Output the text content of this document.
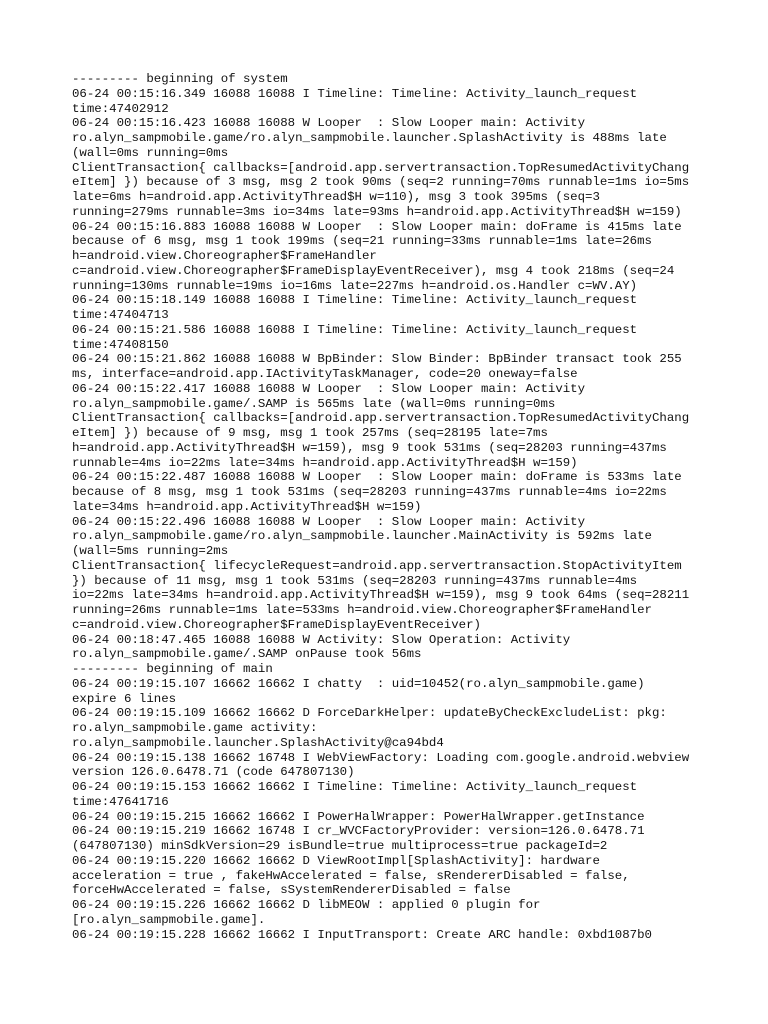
--------- beginning of system
06-24 00:15:16.349 16088 16088 I Timeline: Timeline: Activity_launch_request
time:47402912
06-24 00:15:16.423 16088 16088 W Looper  : Slow Looper main: Activity
ro.alyn_sampmobile.game/ro.alyn_sampmobile.launcher.SplashActivity is 488ms late
(wall=0ms running=0ms
ClientTransaction{ callbacks=[android.app.servertransaction.TopResumedActivityChang
eItem] }) because of 3 msg, msg 2 took 90ms (seq=2 running=70ms runnable=1ms io=5ms
late=6ms h=android.app.ActivityThread$H w=110), msg 3 took 395ms (seq=3
running=279ms runnable=3ms io=34ms late=93ms h=android.app.ActivityThread$H w=159)
06-24 00:15:16.883 16088 16088 W Looper  : Slow Looper main: doFrame is 415ms late
because of 6 msg, msg 1 took 199ms (seq=21 running=33ms runnable=1ms late=26ms
h=android.view.Choreographer$FrameHandler
c=android.view.Choreographer$FrameDisplayEventReceiver), msg 4 took 218ms (seq=24
running=130ms runnable=19ms io=16ms late=227ms h=android.os.Handler c=WV.AY)
06-24 00:15:18.149 16088 16088 I Timeline: Timeline: Activity_launch_request
time:47404713
06-24 00:15:21.586 16088 16088 I Timeline: Timeline: Activity_launch_request
time:47408150
06-24 00:15:21.862 16088 16088 W BpBinder: Slow Binder: BpBinder transact took 255
ms, interface=android.app.IActivityTaskManager, code=20 oneway=false
06-24 00:15:22.417 16088 16088 W Looper  : Slow Looper main: Activity
ro.alyn_sampmobile.game/.SAMP is 565ms late (wall=0ms running=0ms
ClientTransaction{ callbacks=[android.app.servertransaction.TopResumedActivityChang
eItem] }) because of 9 msg, msg 1 took 257ms (seq=28195 late=7ms
h=android.app.ActivityThread$H w=159), msg 9 took 531ms (seq=28203 running=437ms
runnable=4ms io=22ms late=34ms h=android.app.ActivityThread$H w=159)
06-24 00:15:22.487 16088 16088 W Looper  : Slow Looper main: doFrame is 533ms late
because of 8 msg, msg 1 took 531ms (seq=28203 running=437ms runnable=4ms io=22ms
late=34ms h=android.app.ActivityThread$H w=159)
06-24 00:15:22.496 16088 16088 W Looper  : Slow Looper main: Activity
ro.alyn_sampmobile.game/ro.alyn_sampmobile.launcher.MainActivity is 592ms late
(wall=5ms running=2ms
ClientTransaction{ lifecycleRequest=android.app.servertransaction.StopActivityItem
}) because of 11 msg, msg 1 took 531ms (seq=28203 running=437ms runnable=4ms
io=22ms late=34ms h=android.app.ActivityThread$H w=159), msg 9 took 64ms (seq=28211
running=26ms runnable=1ms late=533ms h=android.view.Choreographer$FrameHandler
c=android.view.Choreographer$FrameDisplayEventReceiver)
06-24 00:18:47.465 16088 16088 W Activity: Slow Operation: Activity
ro.alyn_sampmobile.game/.SAMP onPause took 56ms
--------- beginning of main
06-24 00:19:15.107 16662 16662 I chatty  : uid=10452(ro.alyn_sampmobile.game)
expire 6 lines
06-24 00:19:15.109 16662 16662 D ForceDarkHelper: updateByCheckExcludeList: pkg:
ro.alyn_sampmobile.game activity:
ro.alyn_sampmobile.launcher.SplashActivity@ca94bd4
06-24 00:19:15.138 16662 16748 I WebViewFactory: Loading com.google.android.webview
version 126.0.6478.71 (code 647807130)
06-24 00:19:15.153 16662 16662 I Timeline: Timeline: Activity_launch_request
time:47641716
06-24 00:19:15.215 16662 16662 I PowerHalWrapper: PowerHalWrapper.getInstance
06-24 00:19:15.219 16662 16748 I cr_WVCFactoryProvider: version=126.0.6478.71
(647807130) minSdkVersion=29 isBundle=true multiprocess=true packageId=2
06-24 00:19:15.220 16662 16662 D ViewRootImpl[SplashActivity]: hardware
acceleration = true , fakeHwAccelerated = false, sRendererDisabled = false,
forceHwAccelerated = false, sSystemRendererDisabled = false
06-24 00:19:15.226 16662 16662 D libMEOW : applied 0 plugin for
[ro.alyn_sampmobile.game].
06-24 00:19:15.228 16662 16662 I InputTransport: Create ARC handle: 0xbd1087b0
